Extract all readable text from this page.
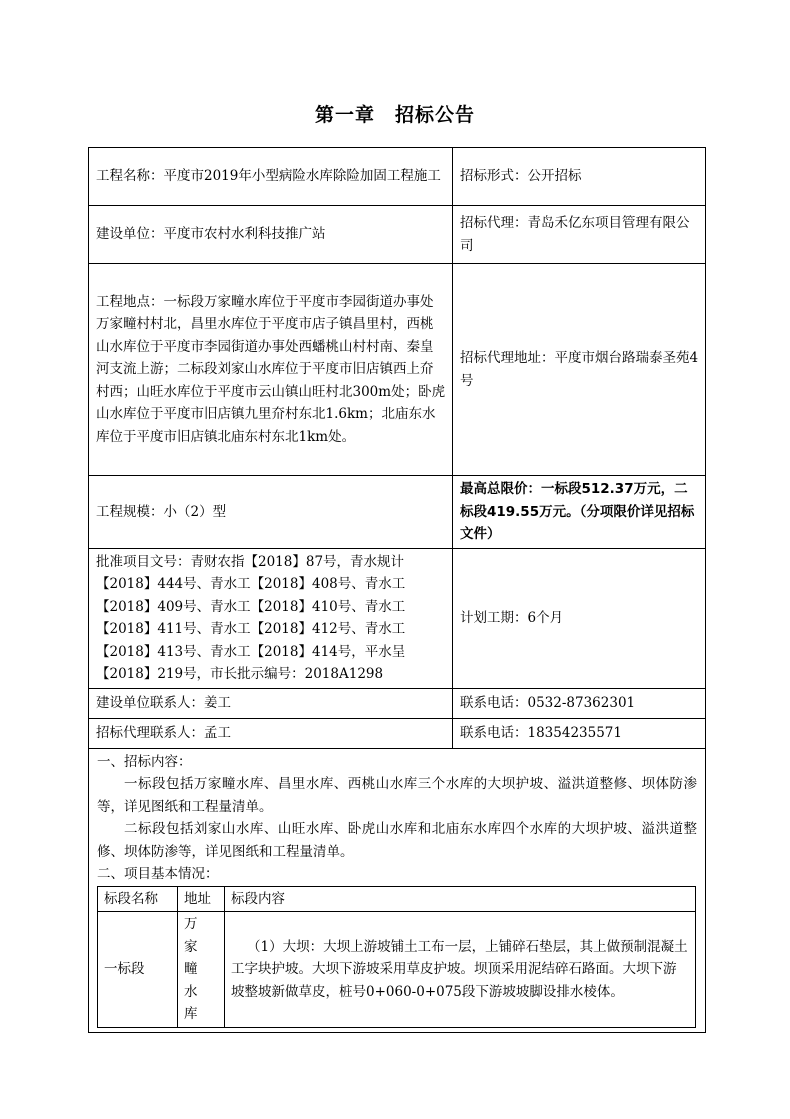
第一章　招标公告
工程名称：平度市2019年小型病险水库除险加固工程施工	招标形式：公开招标
建设单位：平度市农村水利科技推广站	招标代理：青岛禾亿东项目管理有限公司
工程地点：一标段万家疃水库位于平度市李园街道办事处万家疃村村北，昌里水库位于平度市店子镇昌里村，西桃山水库位于平度市李园街道办事处西蟠桃山村村南、秦皇河支流上游；二标段刘家山水库位于平度市旧店镇西上夼村西；山旺水库位于平度市云山镇山旺村北300m处；卧虎山水库位于平度市旧店镇九里夼村东北1.6km；北庙东水库位于平度市旧店镇北庙东村东北1km处。	招标代理地址：平度市烟台路瑞泰圣苑4号
工程规模：小（2）型	最高总限价：一标段512.37万元，二标段419.55万元。（分项限价详见招标文件）
批准项目文号：青财农指【2018】87号，青水规计【2018】444号、青水工【2018】408号、青水工【2018】409号、青水工【2018】410号、青水工【2018】411号、青水工【2018】412号、青水工【2018】413号、青水工【2018】414号，平水呈【2018】219号，市长批示编号：2018A1298	计划工期：6个月
建设单位联系人：姜工	联系电话：0532-87362301
招标代理联系人：孟工	联系电话：18354235571

一、招标内容：

一标段包括万家疃水库、昌里水库、西桃山水库三个水库的大坝护坡、溢洪道整修、坝体防渗等，详见图纸和工程量清单。

二标段包括刘家山水库、山旺水库、卧虎山水库和北庙东水库四个水库的大坝护坡、溢洪道整修、坝体防渗等，详见图纸和工程量清单。

二、项目基本情况：

标段名称	地址	标段内容
一标段	万家疃水库	（1）大坝：大坝上游坡铺土工布一层，上铺碎石垫层，其上做预制混凝土工字块护坡。大坝下游坡采用草皮护坡。坝顶采用泥结碎石路面。大坝下游坡整坡新做草皮，桩号0+060-0+075段下游坡坡脚设排水棱体。
